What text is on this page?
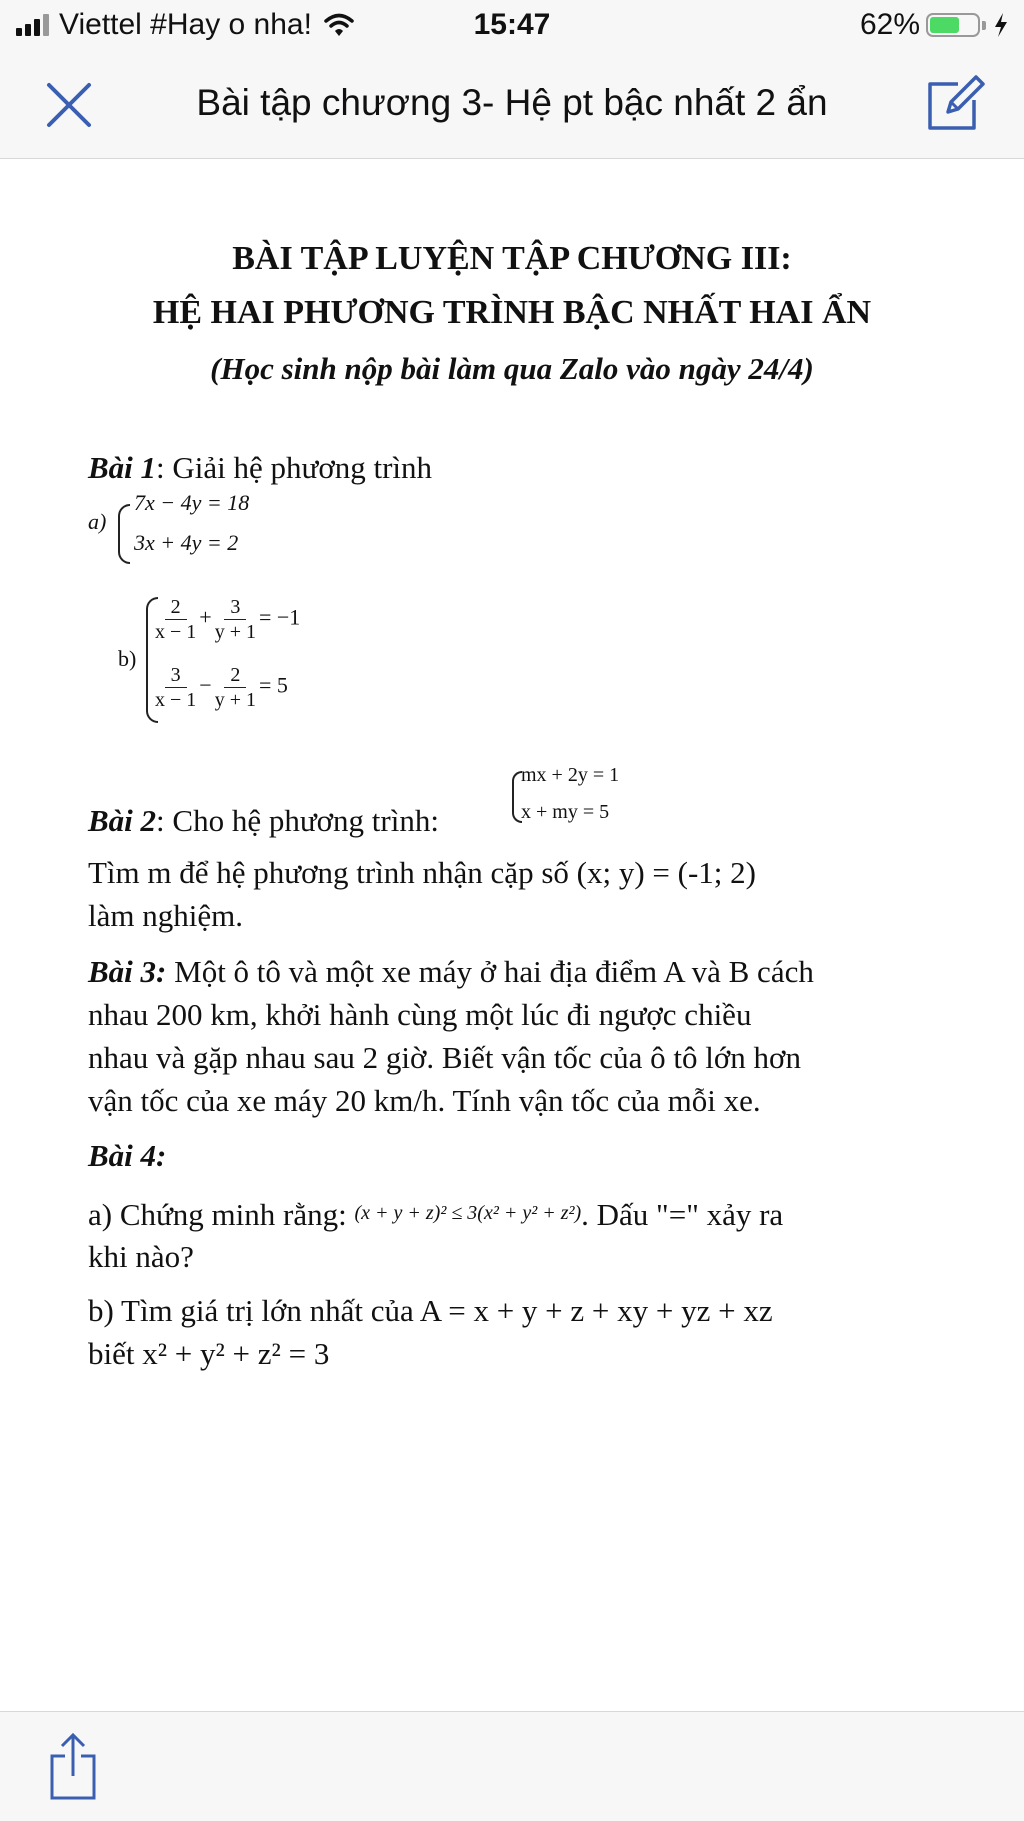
Viettel #Hay o nha!	15:47	62%
Bài tập chương 3- Hệ pt bậc nhất 2 ẩn
BÀI TẬP LUYỆN TẬP CHƯƠNG III:
HỆ HAI PHƯƠNG TRÌNH BẬC NHẤT HAI ẨN
(Học sinh nộp bài làm qua Zalo vào ngày 24/4)
Bài 1: Giải hệ phương trình
a)
7x − 4y = 18
3x + 4y = 2
b)
$\frac{2}{x - 1} + \frac{3}{y + 1} = -1$
$\frac{3}{x - 1} - \frac{2}{y + 1} = 5$
mx + 2y = 1
x + my = 5
Bài 2: Cho hệ phương trình:
Tìm m để hệ phương trình nhận cặp số (x; y) = (-1; 2)
làm nghiệm.
Bài 3: Một ô tô và một xe máy ở hai địa điểm A và B cách
nhau 200 km, khởi hành cùng một lúc đi ngược chiều
nhau và gặp nhau sau 2 giờ. Biết vận tốc của ô tô lớn hơn
vận tốc của xe máy 20 km/h. Tính vận tốc của mỗi xe.
Bài 4:
a) Chứng minh rằng: (x + y + z)² ≤ 3(x² + y² + z²). Dấu "=" xảy ra
khi nào?
b) Tìm giá trị lớn nhất của A = x + y + z + xy + yz + xz
biết x² + y² + z² = 3
